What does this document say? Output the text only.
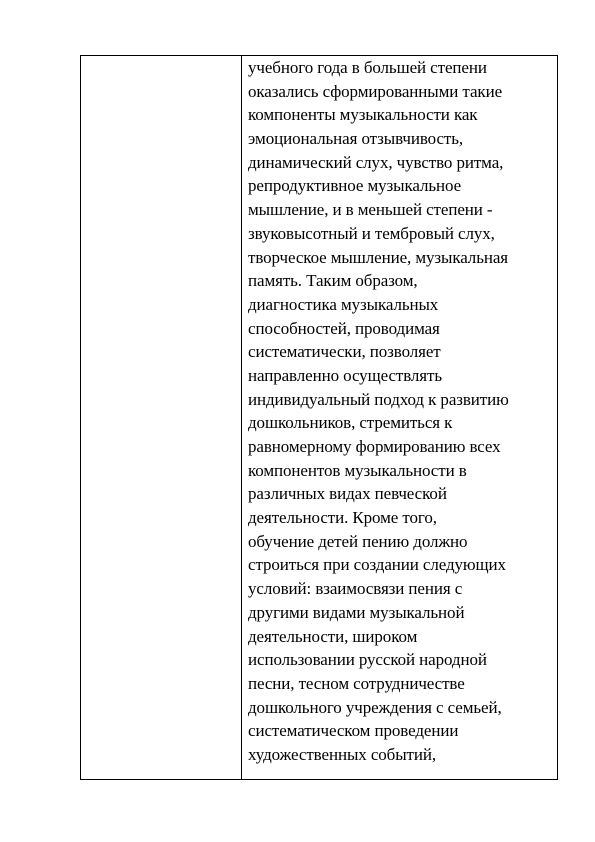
учебного года в большей степени
оказались сформированными такие
компоненты музыкальности как
эмоциональная отзывчивость,
динамический слух, чувство ритма,
репродуктивное музыкальное
мышление, и в меньшей степени -
звуковысотный и тембровый слух,
творческое мышление, музыкальная
память. Таким образом,
диагностика музыкальных
способностей, проводимая
систематически, позволяет
направленно осуществлять
индивидуальный подход к развитию
дошкольников, стремиться к
равномерному формированию всех
компонентов музыкальности в
различных видах певческой
деятельности. Кроме того,
обучение детей пению должно
строиться при создании следующих
условий: взаимосвязи пения с
другими видами музыкальной
деятельности, широком
использовании русской народной
песни, тесном сотрудничестве
дошкольного учреждения с семьей,
систематическом проведении
художественных событий,
